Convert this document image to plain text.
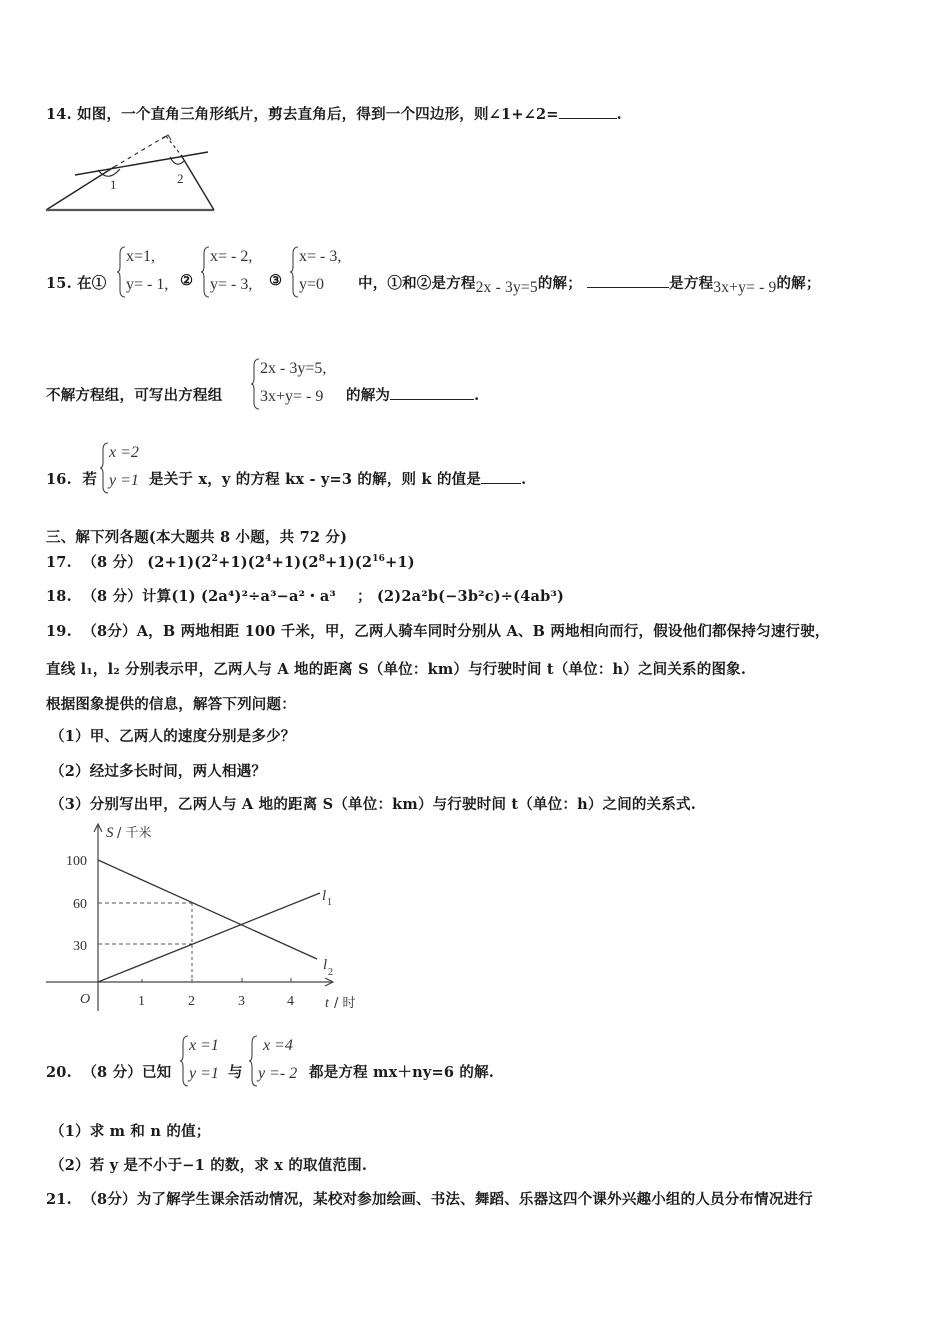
14. 如图，一个直角三角形纸片，剪去直角后，得到一个四边形，则∠1+∠2=	.
1	2
15. 在①
x=1,
y= - 1, ②
x= - 2,
y= - 3, ③
x= - 3,
y=0 中，①和②是方程2x - 3y=5的解；	是方程3x+y= - 9的解；
不解方程组，可写出方程组
2x - 3y=5,
3x+y= - 9 的解为	.
16. 若
x =2
y =1 是关于 x，y 的方程 kx - y=3 的解，则 k 的值是	.
三、解下列各题(本大题共 8 小题，共 72 分)
17. （8 分） $(2+1)(2^2+1)(2^4+1)(2^8+1)(2^{16}+1)$
18. （8 分）计算(1) (2a⁴)²÷a³−a²・a³ ； (2)2a²b(−3b²c)÷(4ab³)
19. （8分）A，B 两地相距 100 千米，甲，乙两人骑车同时分别从 A、B 两地相向而行，假设他们都保持匀速行驶，
直线 l₁，l₂ 分别表示甲，乙两人与 A 地的距离 S（单位：km）与行驶时间 t（单位：h）之间关系的图象.
根据图象提供的信息，解答下列问题：
（1）甲、乙两人的速度分别是多少？
（2）经过多长时间，两人相遇？
（3）分别写出甲，乙两人与 A 地的距离 S（单位：km）与行驶时间 t（单位：h）之间的关系式.
S / 千米
100
60
30
1	2	3	4
O	t / 时
l 1
l 2
20. （8 分）已知
x =1
y =1 与
x =4
y =- 2 都是方程 mx＋ny=6 的解.
（1）求 m 和 n 的值；
（2）若 y 是不小于−1 的数，求 x 的取值范围.
21. （8分）为了解学生课余活动情况，某校对参加绘画、书法、舞蹈、乐器这四个课外兴趣小组的人员分布情况进行
